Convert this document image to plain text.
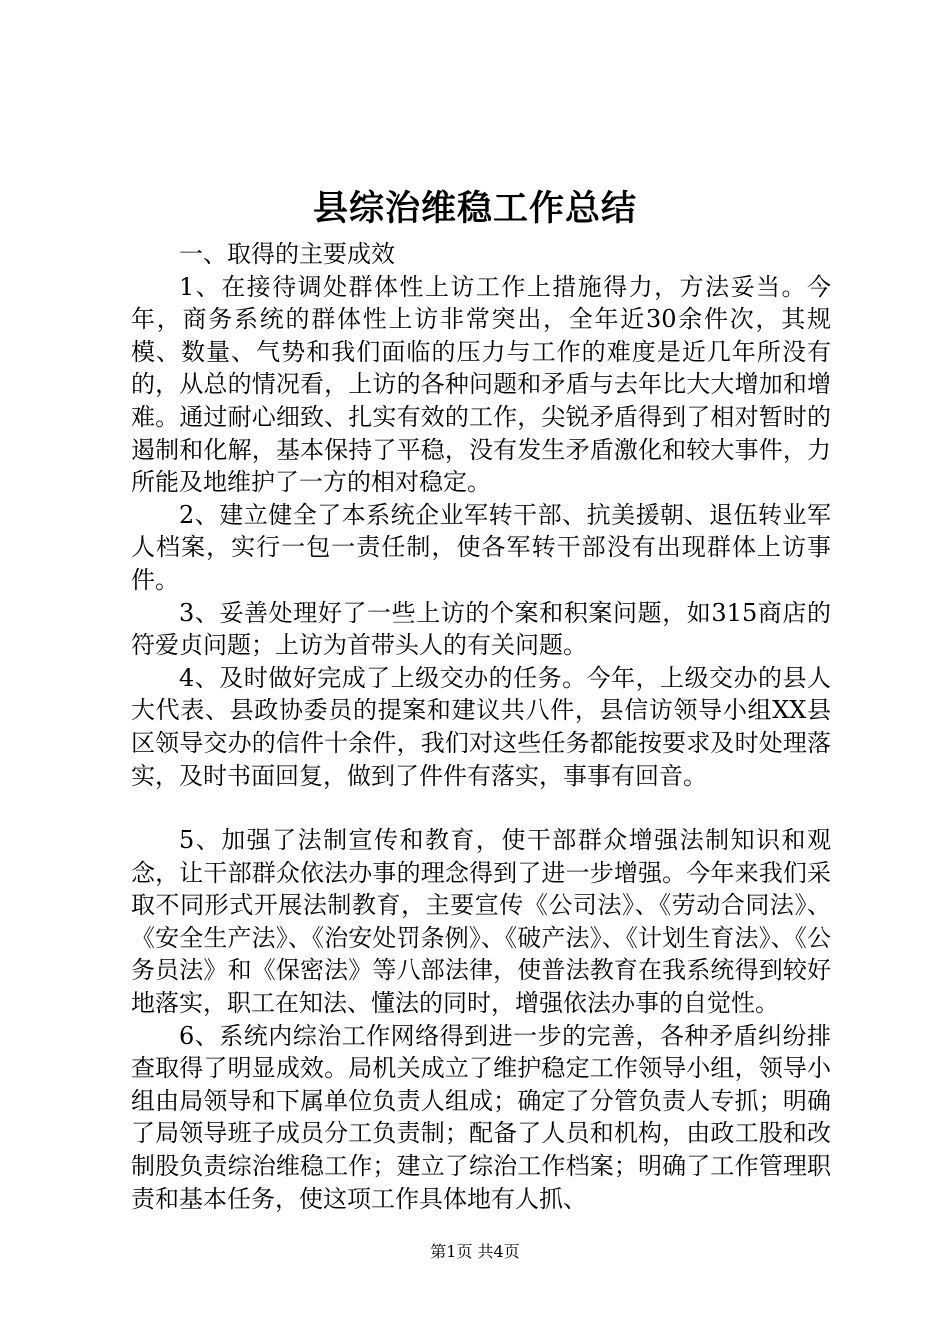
县综治维稳工作总结

一、取得的主要成效

1、在接待调处群体性上访工作上措施得力，方法妥当。今年，商务系统的群体性上访非常突出，全年近30余件次，其规模、数量、气势和我们面临的压力与工作的难度是近几年所没有的，从总的情况看，上访的各种问题和矛盾与去年比大大增加和增难。通过耐心细致、扎实有效的工作，尖锐矛盾得到了相对暂时的遏制和化解，基本保持了平稳，没有发生矛盾激化和较大事件，力所能及地维护了一方的相对稳定。

2、建立健全了本系统企业军转干部、抗美援朝、退伍转业军人档案，实行一包一责任制，使各军转干部没有出现群体上访事件。

3、妥善处理好了一些上访的个案和积案问题，如315商店的符爱贞问题；上访为首带头人的有关问题。

4、及时做好完成了上级交办的任务。今年，上级交办的县人大代表、县政协委员的提案和建议共八件，县信访领导小组XX县区领导交办的信件十余件，我们对这些任务都能按要求及时处理落实，及时书面回复，做到了件件有落实，事事有回音。

5、加强了法制宣传和教育，使干部群众增强法制知识和观念，让干部群众依法办事的理念得到了进一步增强。今年来我们采取不同形式开展法制教育，主要宣传《公司法》、《劳动合同法》、《安全生产法》、《治安处罚条例》、《破产法》、《计划生育法》、《公务员法》和《保密法》等八部法律，使普法教育在我系统得到较好地落实，职工在知法、懂法的同时，增强依法办事的自觉性。

6、系统内综治工作网络得到进一步的完善，各种矛盾纠纷排查取得了明显成效。局机关成立了维护稳定工作领导小组，领导小组由局领导和下属单位负责人组成；确定了分管负责人专抓；明确了局领导班子成员分工负责制；配备了人员和机构，由政工股和改制股负责综治维稳工作；建立了综治工作档案；明确了工作管理职责和基本任务，使这项工作具体地有人抓、

第1页 共4页
